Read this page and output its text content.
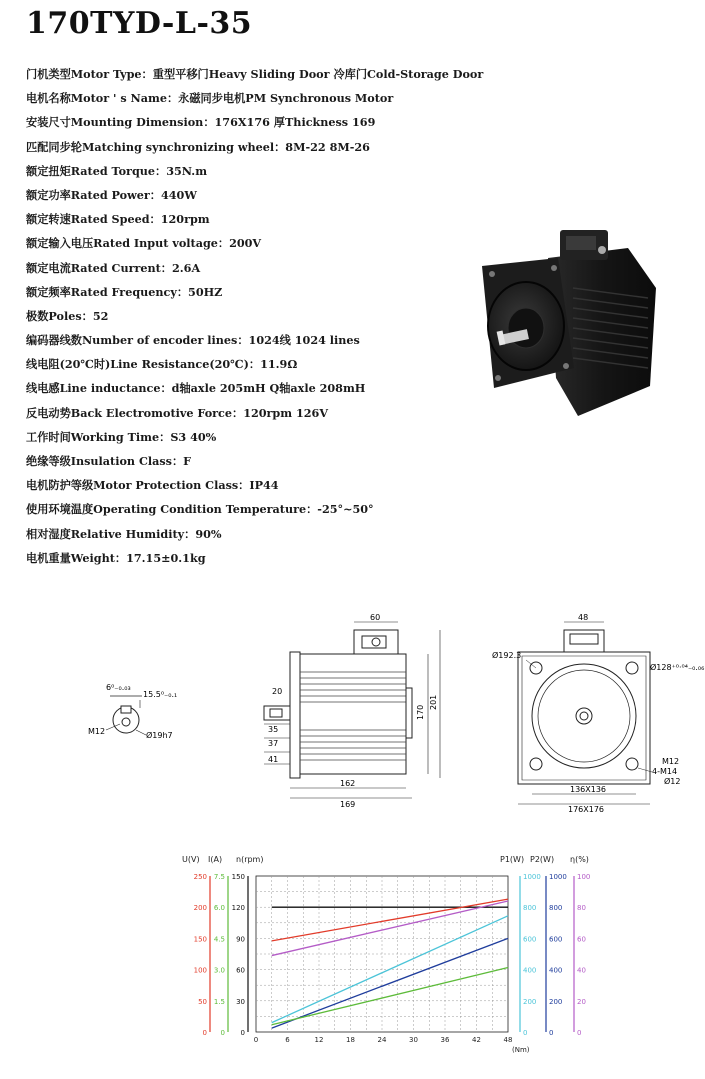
170TYD-L-35
门机类型Motor Type：重型平移门Heavy Sliding Door 冷库门Cold-Storage Door
电机名称Motor ' s Name：永磁同步电机PM Synchronous Motor
安装尺寸Mounting Dimension：176X176 厚Thickness 169
匹配同步轮Matching synchronizing wheel：8M-22 8M-26
额定扭矩Rated Torque：35N.m
额定功率Rated Power：440W
额定转速Rated Speed：120rpm
额定输入电压Rated Input voltage：200V
额定电流Rated Current：2.6A
额定频率Rated Frequency：50HZ
极数Poles：52
编码器线数Number of encoder lines：1024线 1024 lines
线电阻(20℃时)Line Resistance(20℃)：11.9Ω
线电感Line inductance：d轴axle 205mH Q轴axle 208mH
反电动势Back Electromotive Force：120rpm 126V
工作时间Working Time：S3 40%
绝缘等级Insulation Class：F
电机防护等级Motor Protection Class：IP44
使用环境温度Operating Condition Temperature：-25°~50°
相对湿度Relative Humidity：90%
电机重量Weight：17.15±0.1kg
6⁰₋₀.₀₃
15.5⁰₋₀.₁
M12	Ø19h7
60
162
169
170
201
20
35
37
41
48
Ø192.3
Ø128⁺⁰·⁰⁴₋₀.₀₆
M12
4-M14
Ø12
136X136
176X176
0	6	12	18	24	30	36	42	48
(Nm)
U(V)
0
50
100
150
200
250
I(A)
0
1.5
3.0
4.5
6.0
7.5
n(rpm)
0
30
60
90
120
150
P1(W)
0
200
400
600
800
1000
P2(W)
0
200
400
600
800
1000
η(%)
0
20
40
60
80
100
